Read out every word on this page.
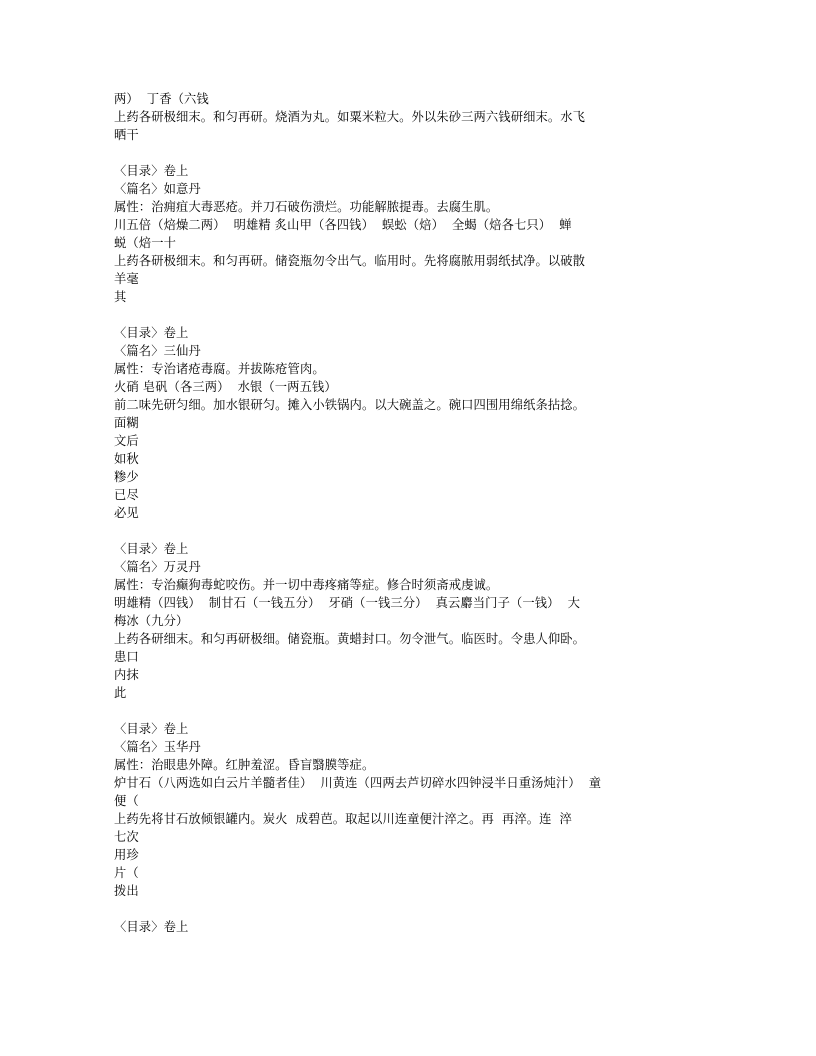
两）  丁香（六钱
上药各研极细末。和匀再研。烧酒为丸。如粟米粒大。外以朱砂三两六钱研细末。水飞
晒干
〈目录〉卷上
〈篇名〉如意丹
属性：治痈疽大毒恶疮。并刀石破伤溃烂。功能解脓提毒。去腐生肌。
川五倍（焙燥二两）  明雄精 炙山甲（各四钱）  蜈蚣（焙）  全蝎（焙各七只）  蝉
蜕（焙一十
上药各研极细末。和匀再研。储瓷瓶勿令出气。临用时。先将腐脓用弱纸拭净。以破散
羊毫
其
〈目录〉卷上
〈篇名〉三仙丹
属性：专治诸疮毒腐。并拔陈疮管肉。
火硝 皂矾（各三两）  水银（一两五钱）
前二味先研匀细。加水银研匀。摊入小铁锅内。以大碗盖之。碗口四围用绵纸条拈捻。
面糊
文后
如秋
糁少
已尽
必见
〈目录〉卷上
〈篇名〉万灵丹
属性：专治癫狗毒蛇咬伤。并一切中毒疼痛等症。修合时须斋戒虔诚。
明雄精（四钱）  制甘石（一钱五分）  牙硝（一钱三分）  真云麝当门子（一钱）  大
梅冰（九分）
上药各研细末。和匀再研极细。储瓷瓶。黄蜡封口。勿令泄气。临医时。令患人仰卧。
患口
内抹
此
〈目录〉卷上
〈篇名〉玉华丹
属性：治眼患外障。红肿羞涩。昏盲翳膜等症。
炉甘石（八两选如白云片羊髓者佳）  川黄连（四两去芦切碎水四钟浸半日重汤炖汁）  童
便（
上药先将甘石放倾银罐内。炭火  成碧芭。取起以川连童便汁淬之。再  再淬。连  淬
七次
用珍
片（
拨出
〈目录〉卷上
